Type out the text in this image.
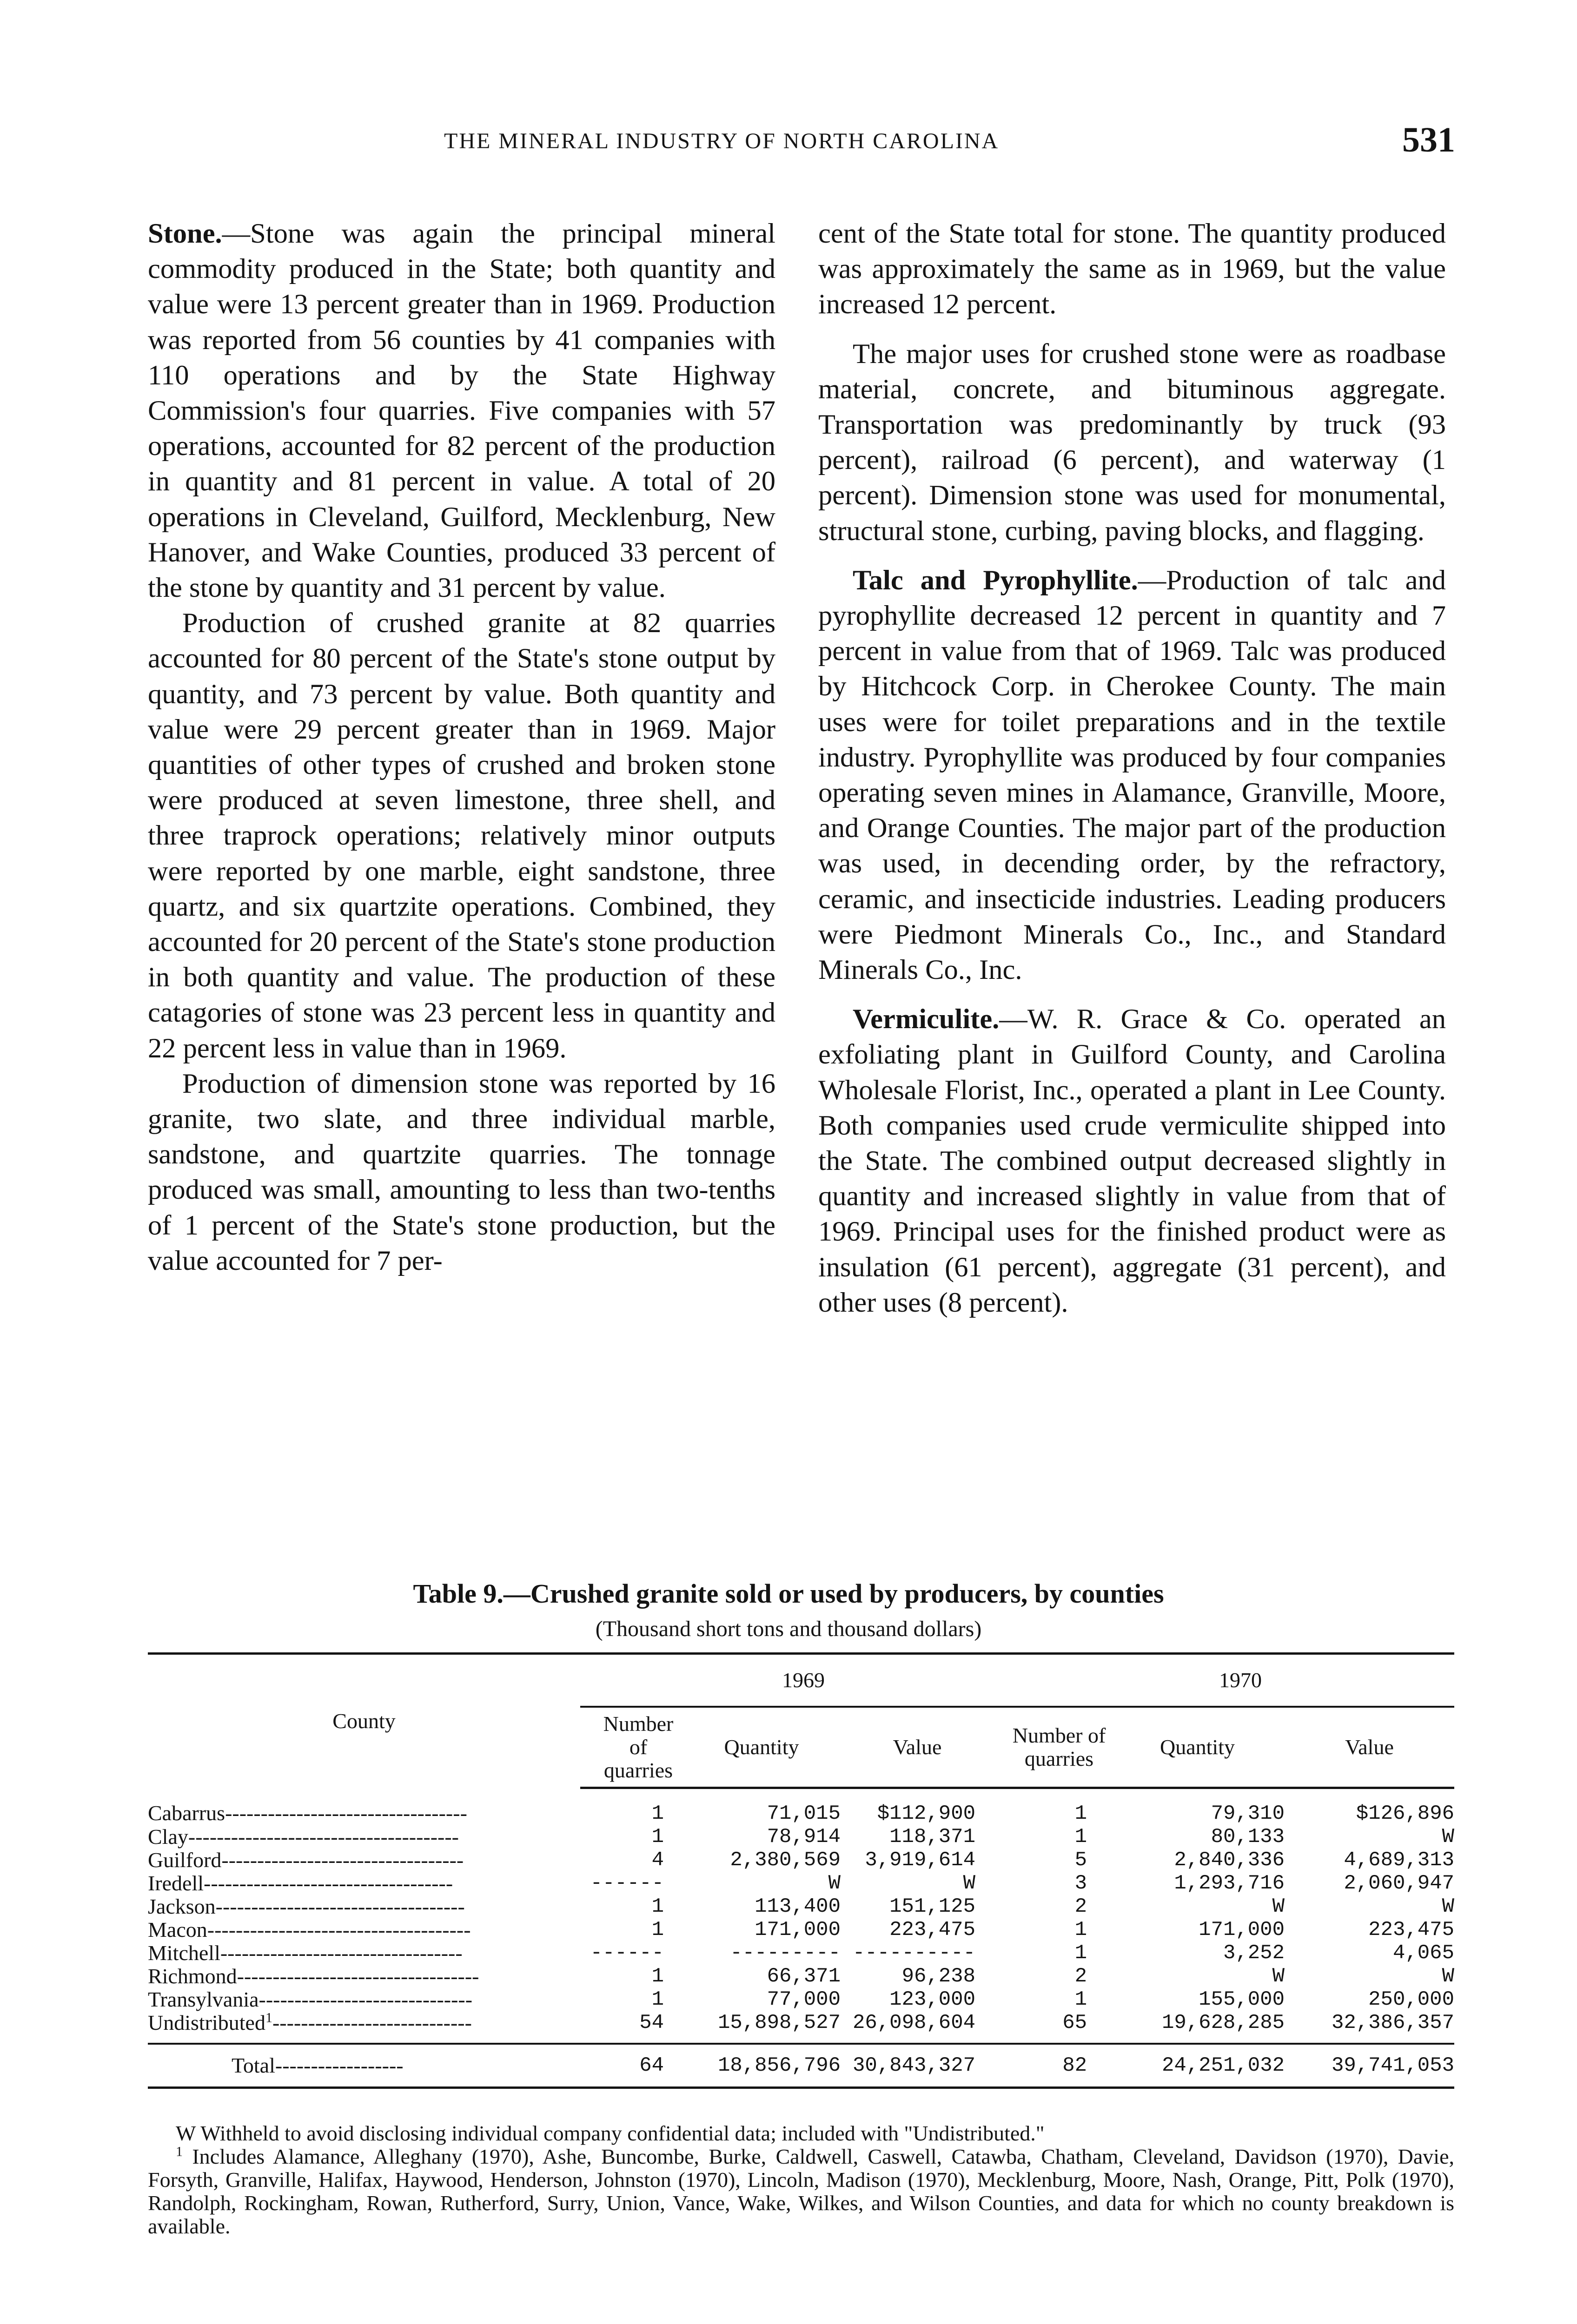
THE MINERAL INDUSTRY OF NORTH CAROLINA	531

Stone.—Stone was again the principal mineral commodity produced in the State; both quantity and value were 13 percent greater than in 1969. Production was reported from 56 counties by 41 companies with 110 operations and by the State Highway Commission's four quarries. Five companies with 57 operations, accounted for 82 percent of the production in quantity and 81 percent in value. A total of 20 operations in Cleveland, Guilford, Mecklenburg, New Hanover, and Wake Counties, produced 33 percent of the stone by quantity and 31 percent by value.

Production of crushed granite at 82 quarries accounted for 80 percent of the State's stone output by quantity, and 73 percent by value. Both quantity and value were 29 percent greater than in 1969. Major quantities of other types of crushed and broken stone were produced at seven limestone, three shell, and three traprock operations; relatively minor outputs were reported by one marble, eight sandstone, three quartz, and six quartzite operations. Combined, they accounted for 20 percent of the State's stone production in both quantity and value. The production of these catagories of stone was 23 percent less in quantity and 22 percent less in value than in 1969.

Production of dimension stone was reported by 16 granite, two slate, and three individual marble, sandstone, and quartzite quarries. The tonnage produced was small, amounting to less than two-tenths of 1 percent of the State's stone production, but the value accounted for 7 per-

cent of the State total for stone. The quantity produced was approximately the same as in 1969, but the value increased 12 percent.

The major uses for crushed stone were as roadbase material, concrete, and bituminous aggregate. Transportation was predominantly by truck (93 percent), railroad (6 percent), and waterway (1 percent). Dimension stone was used for monumental, structural stone, curbing, paving blocks, and flagging.

Talc and Pyrophyllite.—Production of talc and pyrophyllite decreased 12 percent in quantity and 7 percent in value from that of 1969. Talc was produced by Hitchcock Corp. in Cherokee County. The main uses were for toilet preparations and in the textile industry. Pyrophyllite was produced by four companies operating seven mines in Alamance, Granville, Moore, and Orange Counties. The major part of the production was used, in decending order, by the refractory, ceramic, and insecticide industries. Leading producers were Piedmont Minerals Co., Inc., and Standard Minerals Co., Inc.

Vermiculite.—W. R. Grace & Co. operated an exfoliating plant in Guilford County, and Carolina Wholesale Florist, Inc., operated a plant in Lee County. Both companies used crude vermiculite shipped into the State. The combined output decreased slightly in quantity and increased slightly in value from that of 1969. Principal uses for the finished product were as insulation (61 percent), aggregate (31 percent), and other uses (8 percent).

Table 9.—Crushed granite sold or used by producers, by counties
(Thousand short tons and thousand dollars)
County	1969			1970		
	Number of quarries	Quantity	Value	Number of quarries	Quantity	Value
Cabarrus----------------------------------	1	71,015	$112,900	1	79,310	$126,896
Clay--------------------------------------	1	78,914	118,371	1	80,133	W
Guilford----------------------------------	4	2,380,569	3,919,614	5	2,840,336	4,689,313
Iredell-----------------------------------	------	W	W	3	1,293,716	2,060,947
Jackson-----------------------------------	1	113,400	151,125	2	W	W
Macon-------------------------------------	1	171,000	223,475	1	171,000	223,475
Mitchell----------------------------------	------	---------	----------	1	3,252	4,065
Richmond----------------------------------	1	66,371	96,238	2	W	W
Transylvania------------------------------	1	77,000	123,000	1	155,000	250,000
Undistributed$^1$----------------------------	54	15,898,527	26,098,604	65	19,628,285	32,386,357
Total------------------	64	18,856,796	30,843,327	82	24,251,032	39,741,053

W Withheld to avoid disclosing individual company confidential data; included with "Undistributed."

$^1$ Includes Alamance, Alleghany (1970), Ashe, Buncombe, Burke, Caldwell, Caswell, Catawba, Chatham, Cleveland, Davidson (1970), Davie, Forsyth, Granville, Halifax, Haywood, Henderson, Johnston (1970), Lincoln, Madison (1970), Mecklenburg, Moore, Nash, Orange, Pitt, Polk (1970), Randolph, Rockingham, Rowan, Rutherford, Surry, Union, Vance, Wake, Wilkes, and Wilson Counties, and data for which no county breakdown is available.
